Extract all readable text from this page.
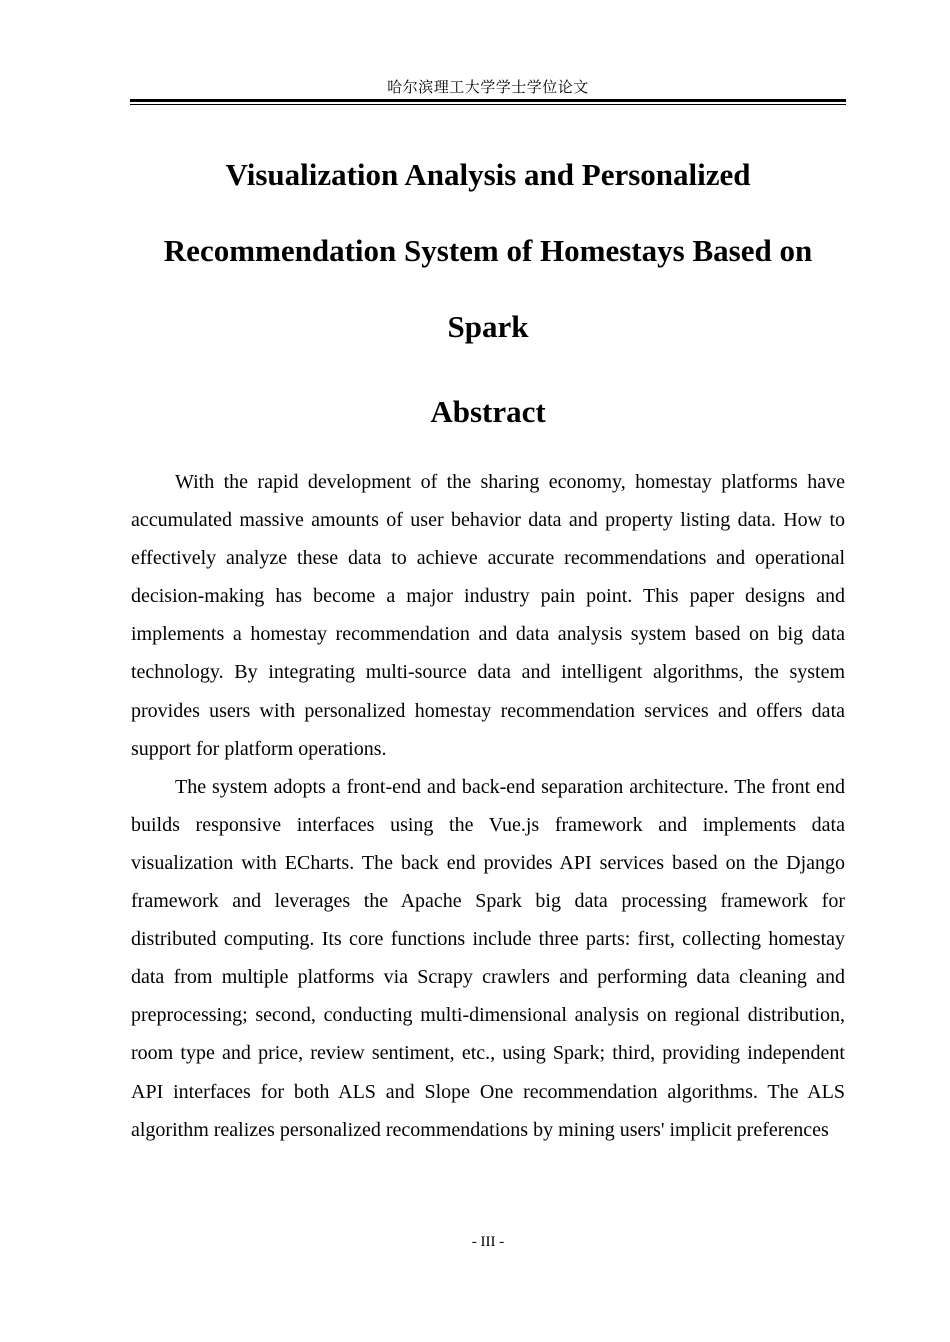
哈尔滨理工大学学士学位论文
Visualization Analysis and Personalized
Recommendation System of Homestays Based on
Spark
Abstract

With the rapid development of the sharing economy, homestay platforms have accumulated massive amounts of user behavior data and property listing data. How to effectively analyze these data to achieve accurate recommendations and operational decision-making has become a major industry pain point. This paper designs and implements a homestay recommendation and data analysis system based on big data technology. By integrating multi-source data and intelligent algorithms, the system provides users with personalized homestay recommendation services and offers data support for platform operations.

The system adopts a front-end and back-end separation architecture. The front end builds responsive interfaces using the Vue.js framework and implements data visualization with ECharts. The back end provides API services based on the Django framework and leverages the Apache Spark big data processing framework for distributed computing. Its core functions include three parts: first, collecting homestay data from multiple platforms via Scrapy crawlers and performing data cleaning and preprocessing; second, conducting multi-dimensional analysis on regional distribution, room type and price, review sentiment, etc., using Spark; third, providing independent API interfaces for both ALS and Slope One recommendation algorithms. The ALS algorithm realizes personalized recommendations by mining users' implicit preferences

- III -
